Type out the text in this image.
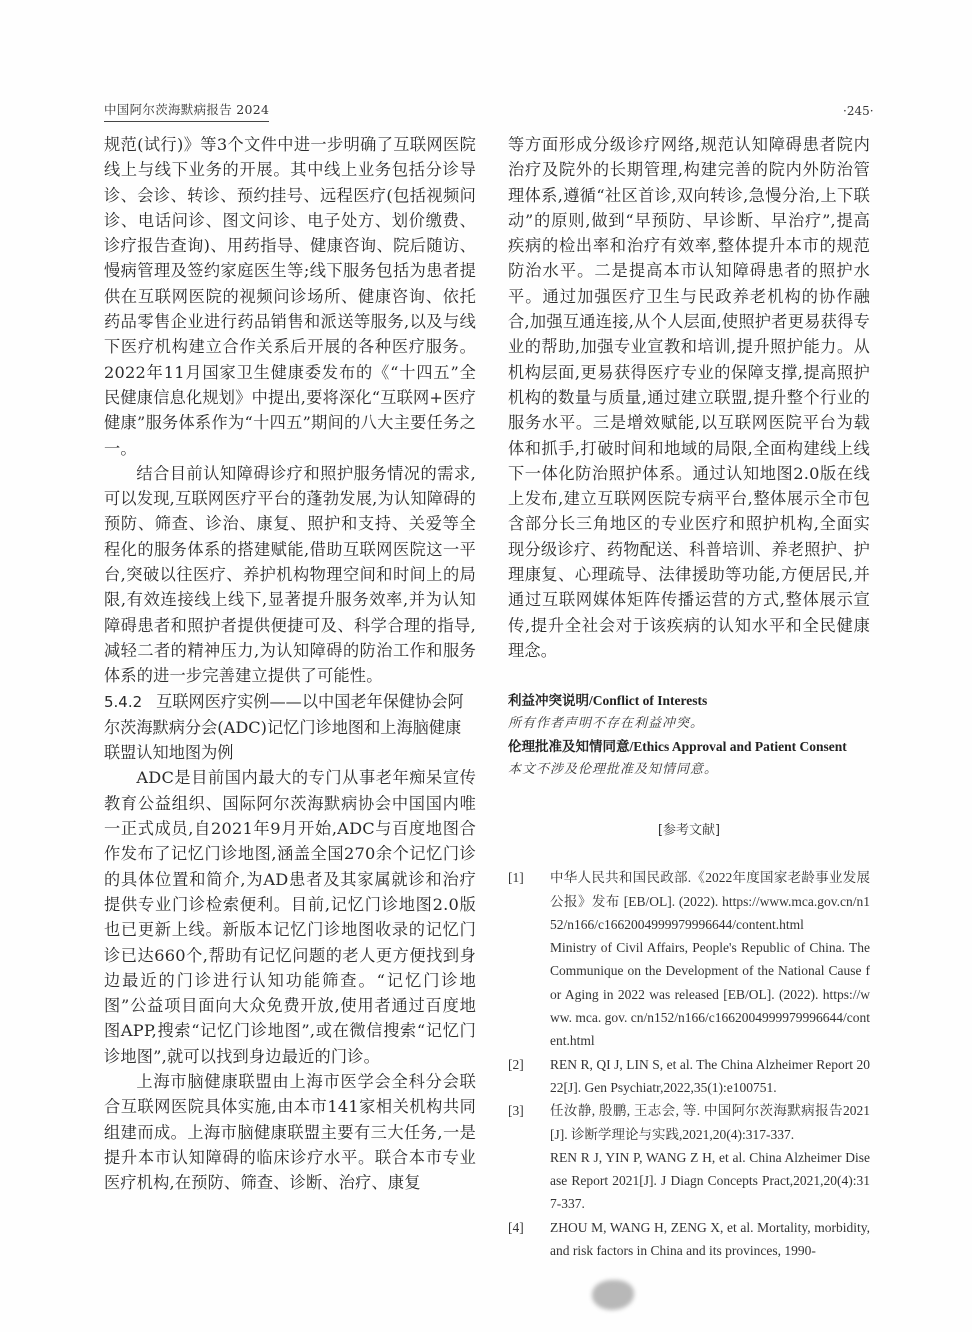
中国阿尔茨海默病报告 2024	·245·

规范(试行)》等3个文件中进一步明确了互联网医院线上与线下业务的开展。其中线上业务包括分诊导诊、会诊、转诊、预约挂号、远程医疗(包括视频问诊、电话问诊、图文问诊、电子处方、划价缴费、诊疗报告查询)、用药指导、健康咨询、院后随访、慢病管理及签约家庭医生等;线下服务包括为患者提供在互联网医院的视频问诊场所、健康咨询、依托药品零售企业进行药品销售和派送等服务,以及与线下医疗机构建立合作关系后开展的各种医疗服务。2022年11月国家卫生健康委发布的《“十四五”全民健康信息化规划》中提出,要将深化“互联网+医疗健康”服务体系作为“十四五”期间的八大主要任务之一。

结合目前认知障碍诊疗和照护服务情况的需求,可以发现,互联网医疗平台的蓬勃发展,为认知障碍的预防、筛查、诊治、康复、照护和支持、关爱等全程化的服务体系的搭建赋能,借助互联网医院这一平台,突破以往医疗、养护机构物理空间和时间上的局限,有效连接线上线下,显著提升服务效率,并为认知障碍患者和照护者提供便捷可及、科学合理的指导,减轻二者的精神压力,为认知障碍的防治工作和服务体系的进一步完善建立提供了可能性。

5.4.2 互联网医疗实例——以中国老年保健协会阿尔茨海默病分会(ADC)记忆门诊地图和上海脑健康联盟认知地图为例

ADC是目前国内最大的专门从事老年痴呆宣传教育公益组织、国际阿尔茨海默病协会中国国内唯一正式成员,自2021年9月开始,ADC与百度地图合作发布了记忆门诊地图,涵盖全国270余个记忆门诊的具体位置和简介,为AD患者及其家属就诊和治疗提供专业门诊检索便利。目前,记忆门诊地图2.0版也已更新上线。新版本记忆门诊地图收录的记忆门诊已达660个,帮助有记忆问题的老人更方便找到身边最近的门诊进行认知功能筛查。“记忆门诊地图”公益项目面向大众免费开放,使用者通过百度地图APP,搜索“记忆门诊地图”,或在微信搜索“记忆门诊地图”,就可以找到身边最近的门诊。

上海市脑健康联盟由上海市医学会全科分会联合互联网医院具体实施,由本市141家相关机构共同组建而成。上海市脑健康联盟主要有三大任务,一是提升本市认知障碍的临床诊疗水平。联合本市专业医疗机构,在预防、筛查、诊断、治疗、康复

等方面形成分级诊疗网络,规范认知障碍患者院内治疗及院外的长期管理,构建完善的院内外防治管理体系,遵循“社区首诊,双向转诊,急慢分治,上下联动”的原则,做到“早预防、早诊断、早治疗”,提高疾病的检出率和治疗有效率,整体提升本市的规范防治水平。二是提高本市认知障碍患者的照护水平。通过加强医疗卫生与民政养老机构的协作融合,加强互通连接,从个人层面,使照护者更易获得专业的帮助,加强专业宣教和培训,提升照护能力。从机构层面,更易获得医疗专业的保障支撑,提高照护机构的数量与质量,通过建立联盟,提升整个行业的服务水平。三是增效赋能,以互联网医院平台为载体和抓手,打破时间和地域的局限,全面构建线上线下一体化防治照护体系。通过认知地图2.0版在线上发布,建立互联网医院专病平台,整体展示全市包含部分长三角地区的专业医疗和照护机构,全面实现分级诊疗、药物配送、科普培训、养老照护、护理康复、心理疏导、法律援助等功能,方便居民,并通过互联网媒体矩阵传播运营的方式,整体展示宣传,提升全社会对于该疾病的认知水平和全民健康理念。

利益冲突说明/Conflict of Interests
所有作者声明不存在利益冲突。
伦理批准及知情同意/Ethics Approval and Patient Consent
本文不涉及伦理批准及知情同意。
[参考文献]
[1]	中华人民共和国民政部.《2022年度国家老龄事业发展公报》发布 [EB/OL]. (2022). https://www.mca.gov.cn/n152/n166/c1662004999979996644/content.html
Ministry of Civil Affairs, People's Republic of China. The Communique on the Development of the National Cause for Aging in 2022 was released [EB/OL]. (2022). https://www. mca. gov. cn/n152/n166/c1662004999979996644/content.html
[2]	REN R, QI J, LIN S, et al. The China Alzheimer Report 2022[J]. Gen Psychiatr,2022,35(1):e100751.
[3]	任汝静, 殷鹏, 王志会, 等. 中国阿尔茨海默病报告2021 [J]. 诊断学理论与实践,2021,20(4):317-337.
REN R J, YIN P, WANG Z H, et al. China Alzheimer Disease Report 2021[J]. J Diagn Concepts Pract,2021,20(4):317-337.
[4]	ZHOU M, WANG H, ZENG X, et al. Mortality, morbidity, and risk factors in China and its provinces, 1990-
